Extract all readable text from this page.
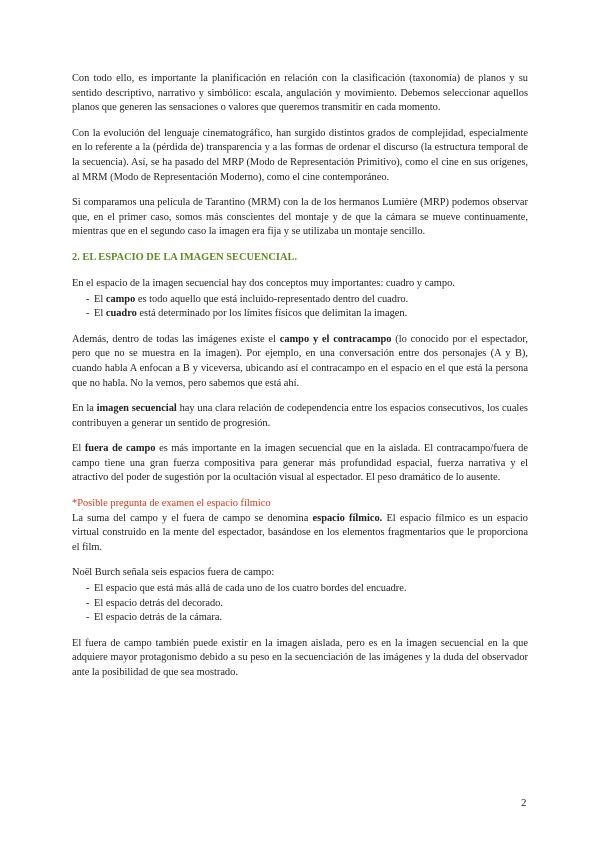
Con todo ello, es importante la planificación en relación con la clasificación (taxonomía) de planos y su sentido descriptivo, narrativo y simbólico: escala, angulación y movimiento. Debemos seleccionar aquellos planos que generen las sensaciones o valores que queremos transmitir en cada momento.

Con la evolución del lenguaje cinematográfico, han surgido distintos grados de complejidad, especialmente en lo referente a la (pérdida de) transparencia y a las formas de ordenar el discurso (la estructura temporal de la secuencia). Así, se ha pasado del MRP (Modo de Representación Primitivo), como el cine en sus orígenes, al MRM (Modo de Representación Moderno), como el cine contemporáneo.

Si comparamos una película de Tarantino (MRM) con la de los hermanos Lumière (MRP) podemos observar que, en el primer caso, somos más conscientes del montaje y de que la cámara se mueve continuamente, mientras que en el segundo caso la imagen era fija y se utilizaba un montaje sencillo.

2. EL ESPACIO DE LA IMAGEN SECUENCIAL.

En el espacio de la imagen secuencial hay dos conceptos muy importantes: cuadro y campo.

- El campo es todo aquello que está incluido-representado dentro del cuadro.
- El cuadro está determinado por los límites físicos que delimitan la imagen.

Además, dentro de todas las imágenes existe el campo y el contracampo (lo conocido por el espectador, pero que no se muestra en la imagen). Por ejemplo, en una conversación entre dos personajes (A y B), cuando habla A enfocan a B y viceversa, ubicando así el contracampo en el espacio en el que está la persona que no habla. No la vemos, pero sabemos que está ahí.

En la imagen secuencial hay una clara relación de codependencia entre los espacios consecutivos, los cuales contribuyen a generar un sentido de progresión.

El fuera de campo es más importante en la imagen secuencial que en la aislada. El contracampo/fuera de campo tiene una gran fuerza compositiva para generar más profundidad espacial, fuerza narrativa y el atractivo del poder de sugestión por la ocultación visual al espectador. El peso dramático de lo ausente.

*Posible pregunta de examen el espacio fílmico

La suma del campo y el fuera de campo se denomina espacio fílmico. El espacio fílmico es un espacio virtual construido en la mente del espectador, basándose en los elementos fragmentarios que le proporciona el film.

Noël Burch señala seis espacios fuera de campo:

- El espacio que está más allá de cada uno de los cuatro bordes del encuadre.
- El espacio detrás del decorado.
- El espacio detrás de la cámara.

El fuera de campo también puede existir en la imagen aislada, pero es en la imagen secuencial en la que adquiere mayor protagonismo debido a su peso en la secuenciación de las imágenes y la duda del observador ante la posibilidad de que sea mostrado.

2
